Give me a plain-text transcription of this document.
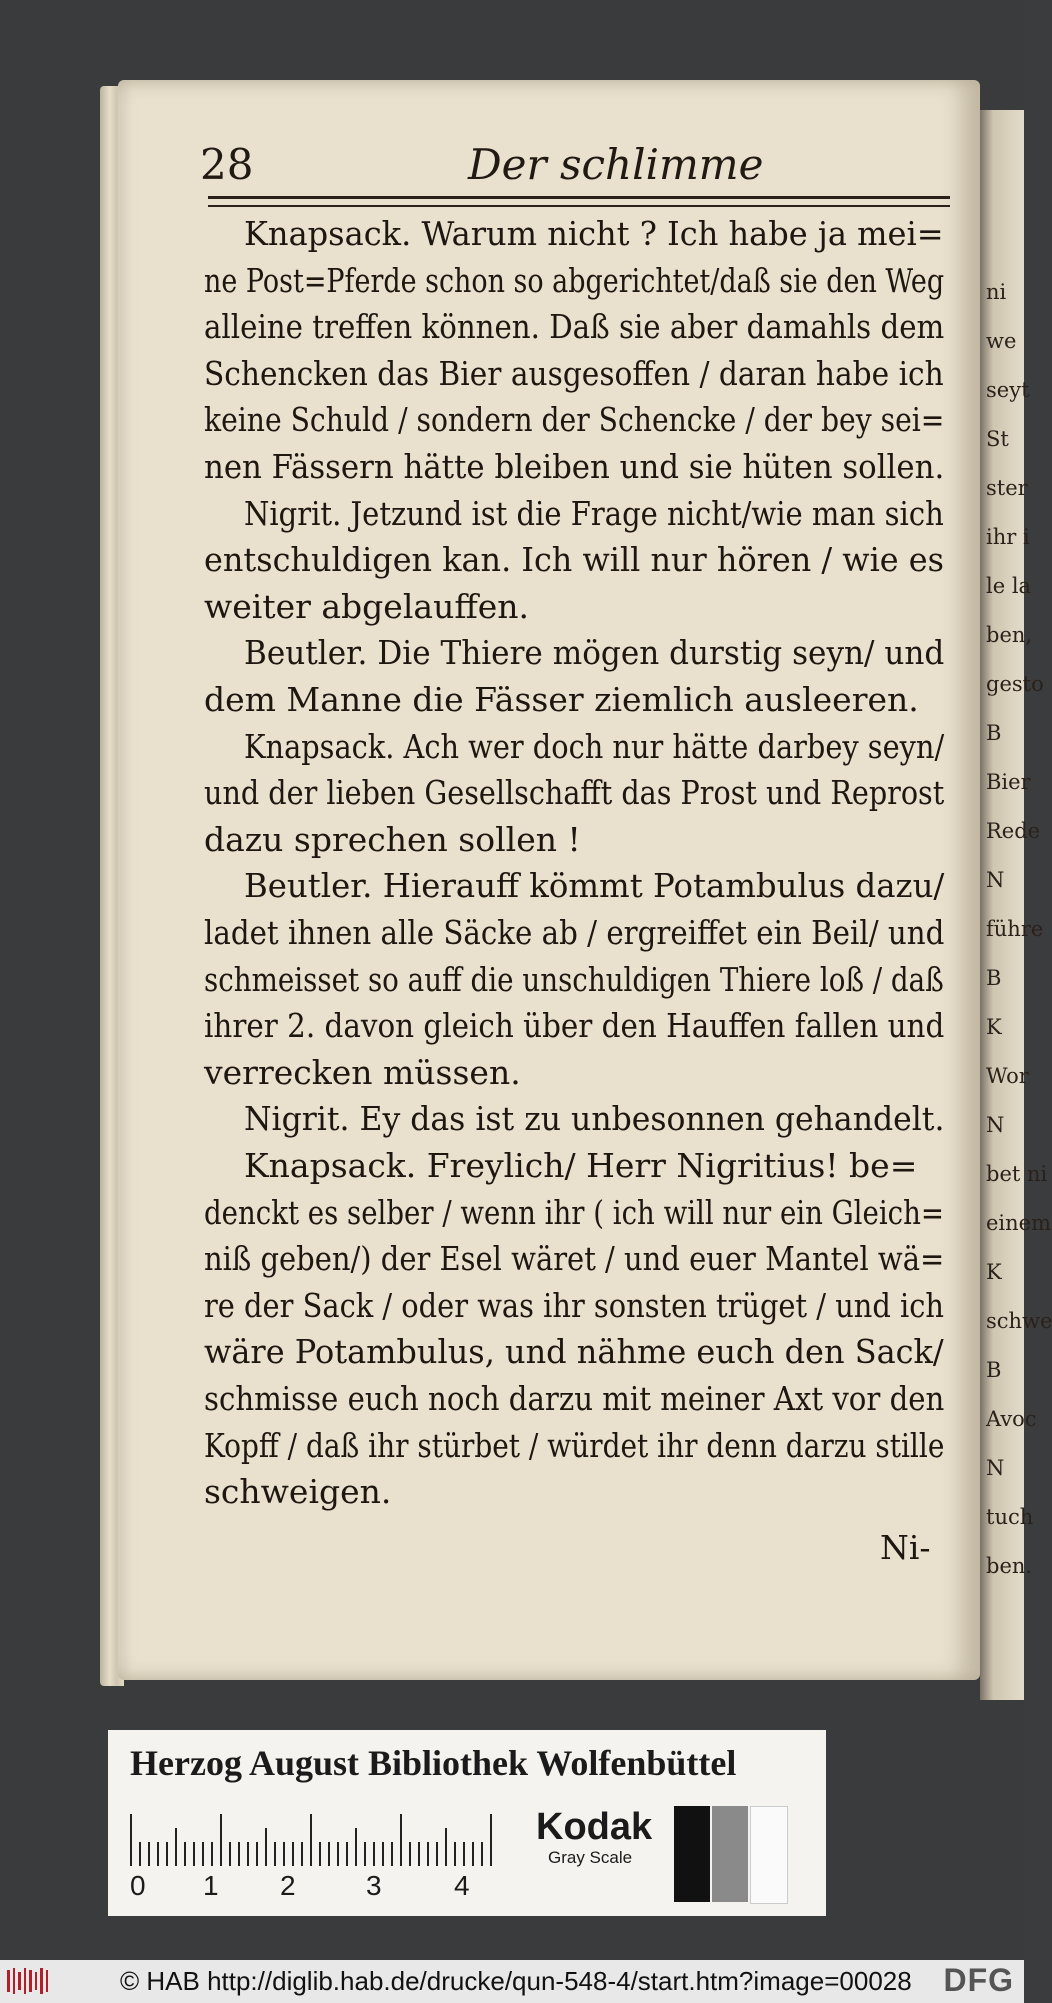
ni
we
seyt
St
ster
ihr i
le la
ben,
gesto
B
Bier
Rede
N
führe
B
K
Wor
N
bet ni
einem
K
schwe
B
Avoc
N
tuch
ben.
28	Der schlimme
Knapsack. Warum nicht ? Ich habe ja mei=
ne Post=Pferde schon so abgerichtet/daß sie den Weg
alleine treffen können. Daß sie aber damahls dem
Schencken das Bier ausgesoffen / daran habe ich
keine Schuld / sondern der Schencke / der bey sei=
nen Fässern hätte bleiben und sie hüten sollen.
Nigrit. Jetzund ist die Frage nicht/wie man sich
entschuldigen kan. Ich will nur hören / wie es
weiter abgelauffen.
Beutler. Die Thiere mögen durstig seyn/ und
dem Manne die Fässer ziemlich ausleeren.
Knapsack. Ach wer doch nur hätte darbey seyn/
und der lieben Gesellschafft das Prost und Reprost
dazu sprechen sollen !
Beutler. Hierauff kömmt Potambulus dazu/
ladet ihnen alle Säcke ab / ergreiffet ein Beil/ und
schmeisset so auff die unschuldigen Thiere loß / daß
ihrer 2. davon gleich über den Hauffen fallen und
verrecken müssen.
Nigrit. Ey das ist zu unbesonnen gehandelt.
Knapsack. Freylich/ Herr Nigritius! be=
denckt es selber / wenn ihr ( ich will nur ein Gleich=
niß geben/) der Esel wäret / und euer Mantel wä=
re der Sack / oder was ihr sonsten trüget / und ich
wäre Potambulus, und nähme euch den Sack/
schmisse euch noch darzu mit meiner Axt vor den
Kopff / daß ihr stürbet / würdet ihr denn darzu stille
schweigen.
Ni-
Herzog August Bibliothek Wolfenbüttel
0 1 2	3	4
Kodak
Gray Scale
© HAB http://diglib.hab.de/drucke/qun-548-4/start.htm?image=00028 DFG
